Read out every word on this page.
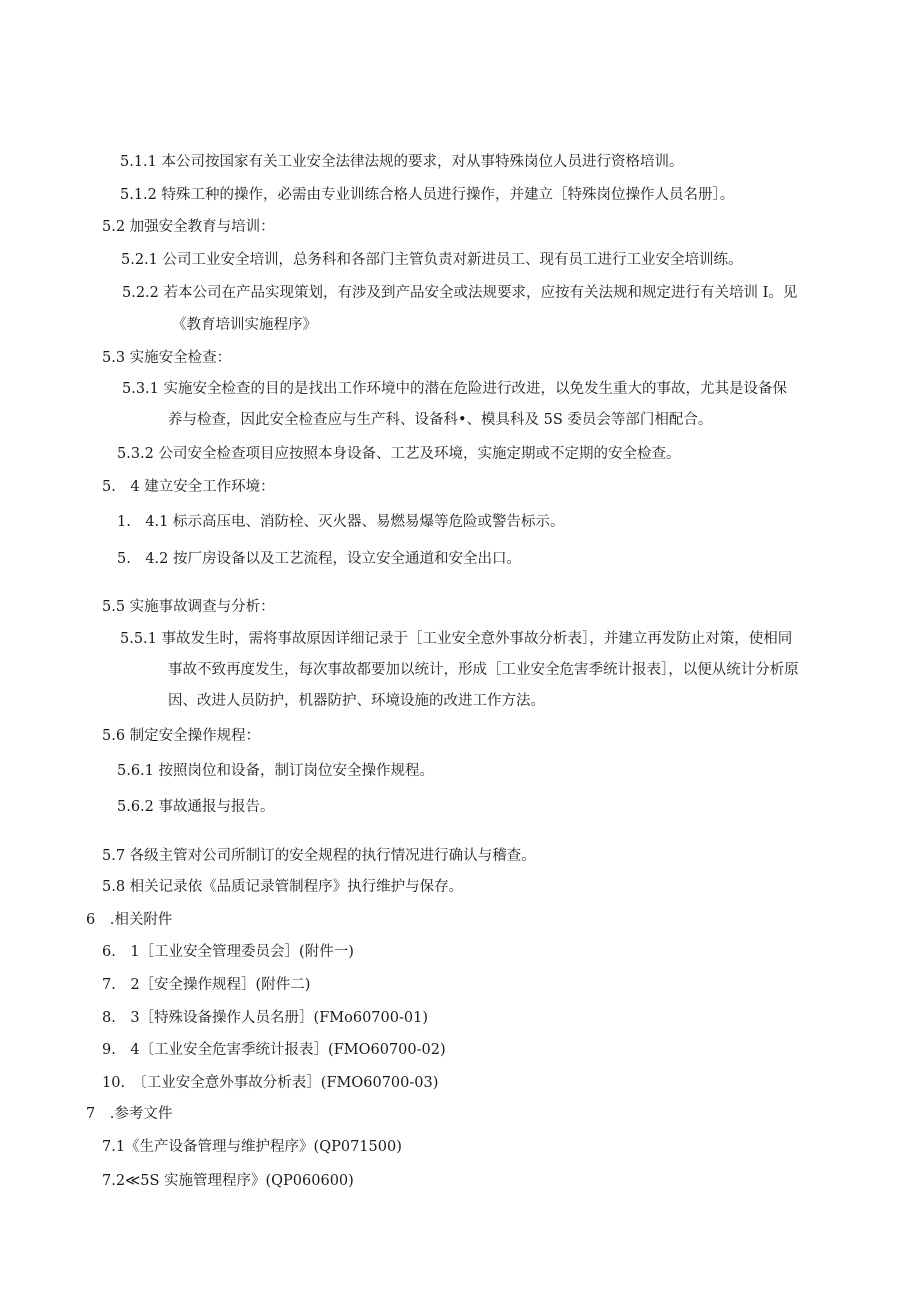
5.1.1 本公司按国家有关工业安全法律法规的要求，对从事特殊岗位人员进行资格培训。

5.1.2 特殊工种的操作，必需由专业训练合格人员进行操作，并建立［特殊岗位操作人员名册］。

5.2 加强安全教育与培训：

5.2.1 公司工业安全培训，总务科和各部门主管负责对新进员工、现有员工进行工业安全培训练。

5.2.2 若本公司在产品实现策划，有涉及到产品安全或法规要求，应按有关法规和规定进行有关培训 I。见

《教育培训实施程序》

5.3 实施安全检查：

5.3.1 实施安全检查的目的是找出工作环境中的潜在危险进行改进，以免发生重大的事故，尤其是设备保

养与检查，因此安全检查应与生产科、设备科•、模具科及 5S 委员会等部门相配合。

5.3.2 公司安全检查项目应按照本身设备、工艺及环境，实施定期或不定期的安全检查。

5.　4 建立安全工作环境：

1.　4.1 标示高压电、消防栓、灭火器、易燃易爆等危险或警告标示。

5.　4.2 按厂房设备以及工艺流程，设立安全通道和安全出口。

5.5 实施事故调查与分析：

5.5.1 事故发生时，需将事故原因详细记录于［工业安全意外事故分析表］，并建立再发防止对策，使相同

事故不致再度发生，每次事故都要加以统计，形成［工业安全危害季统计报表］，以便从统计分析原

因、改进人员防护，机器防护、环境设施的改进工作方法。

5.6 制定安全操作规程：

5.6.1 按照岗位和设备，制订岗位安全操作规程。

5.6.2 事故通报与报告。

5.7 各级主管对公司所制订的安全规程的执行情况进行确认与稽查。

5.8 相关记录依《品质记录管制程序》执行维护与保存。

6　.相关附件

6.　1［工业安全管理委员会］(附件一)

7.　2［安全操作规程］(附件二)

8.　3［特殊设备操作人员名册］(FMo60700-01)

9.　4〔工业安全危害季统计报表］(FMO60700-02)

10.　〔工业安全意外事故分析表］(FMO60700-03)

7　.参考文件

7.1《生产设备管理与维护程序》(QP071500)

7.2≪5S 实施管理程序》(QP060600)
